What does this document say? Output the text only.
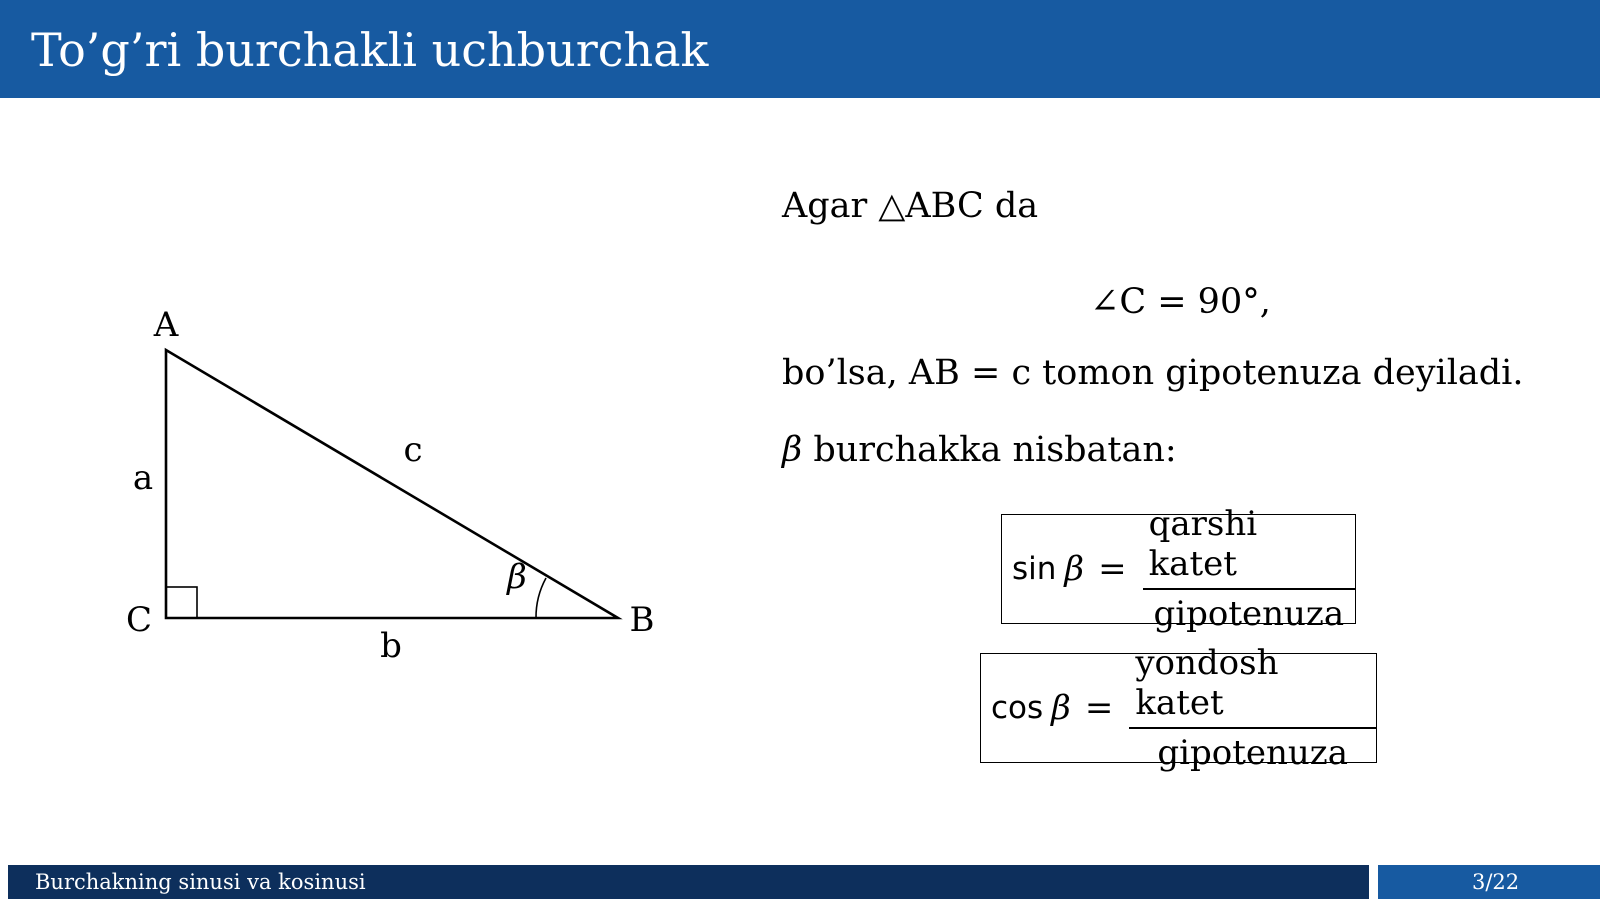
To’g’ri burchakli uchburchak
A
C	B
a
b
c
β
Agar △ABC da
∠C = 90°,
bo’lsa, AB = c tomon gipotenuza deyiladi.
β burchakka nisbatan:
$\sin \beta = \frac{\text{qarshi katet}}{\text{gipotenuza}}$
$\cos \beta = \frac{\text{yondosh katet}}{\text{gipotenuza}}$
Burchakning sinusi va kosinusi	3/22
